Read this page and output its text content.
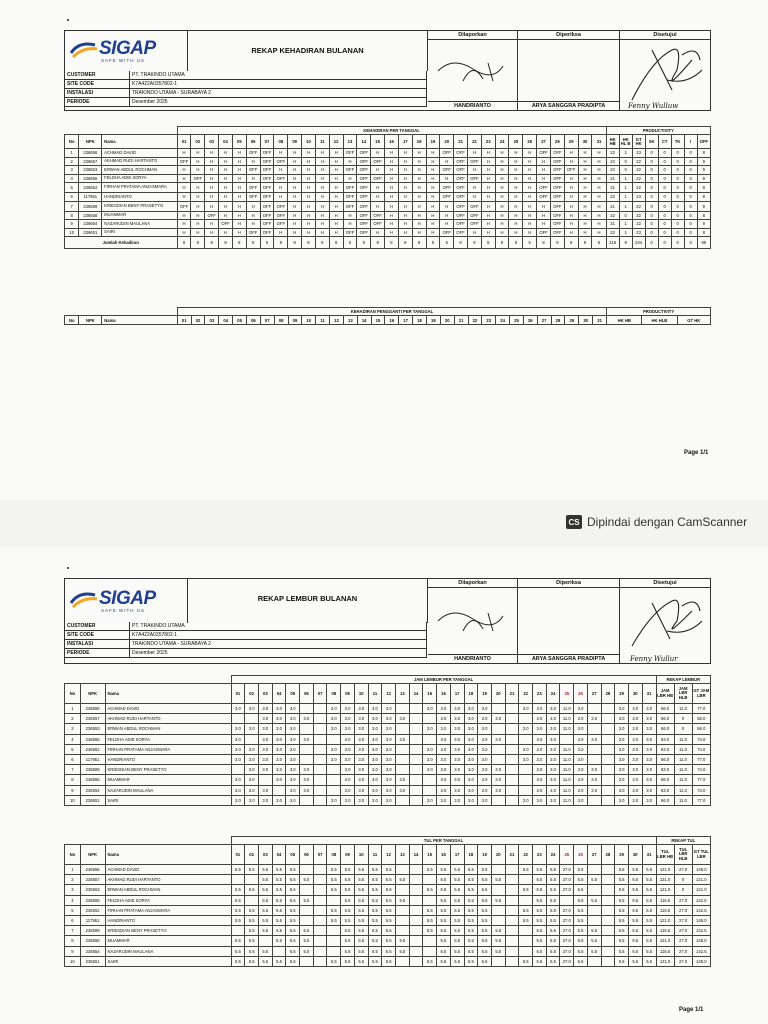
SIGAP
SAFE WITH US
REKAP KEHADIRAN BULANAN
Dilaporkan
HANDRIANTO
Diperiksa
ARYA SANGGRA PRADIPTA
Disetujui
Fenny Wulluw
CUSTOMER	PT. TRAKINDO UTAMA
SITE CODE	K7A422A0357802-1
INSTALASI	TRAKINDO UTAMA - SURABAYA 2
PERIODE	Desember 2025
			KEHADIRAN PER TANGGAL																															PRODUCTIVITY							
No	NPK	Nama	01	02	03	04	05	06	07	08	09	10	11	12	13	14	15	16	17	18	19	20	21	22	23	24	25	26	27	28	29	30	31	HK HB	HK HL B	GT HK	SK	CT	TK	I	OFF
1	236656	ACHMAD DAVID	H	H	H	H	H	OFF	OFF	H	H	H	H	H	OFF	OFF	H	H	H	H	H	OFF	OFF	H	H	H	H	H	OFF	OFF	H	H	H	22	1	23	0	0	0	0	8
2	236657	AKHMAD RUDI HARTANTO	OFF	H	H	H	H	H	OFF	OFF	H	H	H	H	H	OFF	OFF	H	H	H	H	H	OFF	OFF	H	H	H	H	H	OFF	H	H	H	22	0	22	0	0	0	0	9
3	236653	ERWAN ABDUL ROCHMAN	H	H	H	H	H	OFF	OFF	H	H	H	H	H	OFF	OFF	H	H	H	H	H	OFF	OFF	H	H	H	H	H	H	OFF	OFF	H	H	22	0	22	0	0	0	0	9
4	236655	FELDHA ADIE SORYA	H	OFF	H	H	H	H	OFF	OFF	H	H	H	H	H	OFF	OFF	H	H	H	H	H	OFF	OFF	H	H	H	H	H	OFF	H	H	H	21	1	22	0	0	0	0	9
5	236652	FIRHAN PRATAMA ANJASMARA	H	H	H	H	H	OFF	OFF	H	H	H	H	H	OFF	OFF	H	H	H	H	H	OFF	OFF	H	H	H	H	H	OFF	OFF	H	H	H	21	1	22	0	0	0	0	9
6	117951	HANDRIANTO	H	H	H	H	H	OFF	OFF	H	H	H	H	H	OFF	OFF	H	H	H	H	H	OFF	OFF	H	H	H	H	H	OFF	OFF	H	H	H	22	1	23	0	0	0	0	8
7	238589	KRIESDIAN BENY PRASETYO	OFF	H	H	H	H	H	OFF	OFF	H	H	H	H	OFF	OFF	H	H	H	H	H	H	OFF	OFF	H	H	H	H	H	OFF	H	H	H	21	1	22	0	0	0	0	9
8	236658	MUAMMAR	H	H	OFF	H	H	H	OFF	OFF	H	H	H	H	H	OFF	OFF	H	H	H	H	H	OFF	OFF	H	H	H	H	H	OFF	H	H	H	22	0	22	0	0	0	0	8
9	236654	NAZARUDIN MAULANA	H	H	H	OFF	H	H	OFF	OFF	H	H	H	H	H	OFF	OFF	H	H	H	H	H	OFF	OFF	H	H	H	H	H	OFF	H	H	H	21	1	22	0	0	0	0	9
10	236651	SAIRI	H	H	H	H	H	OFF	OFF	H	H	H	H	H	OFF	OFF	H	H	H	H	H	OFF	OFF	H	H	H	H	H	OFF	OFF	H	H	H	22	1	23	0	0	0	0	8
Jumlah Kehadiran			8	8	8	8	8	5	5	8	8	8	8	8	5	5	8	8	8	8	5	5	8	8	8	8	5	5	8	8	8	8	5	216	9	224	0	0	0	0	86
			KEHADIRAN PENGGANTI PER TANGGAL																															PRODUCTIVITY		
No	NPK	Nama	01	02	03	04	05	06	07	08	09	10	11	12	13	14	15	16	17	18	19	20	21	22	23	24	25	26	27	28	29	30	31	HK HB	HK HLB	GT HK
Page 1/1
CS Dipindai dengan CamScanner
SIGAP
SAFE WITH US
REKAP LEMBUR BULANAN
Dilaporkan
HANDRIANTO
Diperiksa
ARYA SANGGRA PRADIPTA
Disetujui
Fenny Wullur
CUSTOMER	PT. TRAKINDO UTAMA
SITE CODE	K7A422A0357802-1
INSTALASI	TRAKINDO UTAMA - SURABAYA 2
PERIODE	Desember 2025
			JAM LEMBUR PER TANGGAL																															REKAP LEMBUR		
No	NPK	Nama	01	02	03	04	05	06	07	08	09	10	11	12	13	14	15	16	17	18	19	20	21	22	23	24	25	26	27	28	29	30	31	JAM LBR HB	JAM LBR HLB	GT JAM LBR
1	236656	ACHMAD DAVID	3.0	3.0	3.0	3.0	3.0			3.0	3.0	3.0	3.0	3.0			3.0	3.0	3.0	3.0	3.0			3.0	3.0	3.0	11.0	3.0			3.0	3.0	3.0	66.0	11.0	77.0
2	236657	AKHMAD RUDI HARTANTO			3.0	3.0	3.0	3.0		3.0	3.0	3.0	3.0	3.0	3.0			3.0	3.0	3.0	3.0	3.0			3.0	3.0	11.0	3.0	3.0		3.0	3.0	3.0	66.0	0	66.0
3	236653	ERWAN ABDUL ROCHMAN	3.0	3.0	3.0	3.0	3.0			3.0	3.0	3.0	3.0	3.0			3.0	3.0	3.0	3.0	3.0			3.0	3.0	3.0	11.0	3.0			3.0	3.0	3.0	66.0	0	66.0
4	236655	FELDHA ADIE SORYA	3.0		3.0	3.0	3.0	3.0			3.0	3.0	3.0	3.0	3.0			3.0	3.0	3.0	3.0	3.0			3.0	3.0		3.0	3.0		3.0	3.0	3.0	63.0	11.0	74.0
5	236652	FIRHAN PRATAMA ANJASMARA	3.0	3.0	3.0	3.0	3.0			3.0	3.0	3.0	3.0	3.0			3.0	3.0	3.0	3.0	3.0			3.0	3.0	3.0	11.0	3.0			3.0	3.0	3.0	63.0	11.0	74.0
6	117951	HANDRIANTO	3.0	3.0	3.0	3.0	3.0			3.0	3.0	3.0	3.0	3.0			3.0	3.0	3.0	3.0	3.0			3.0	3.0	3.0	11.0	3.0			3.0	3.0	3.0	66.0	11.0	77.0
7	238589	KRIESDIAN BENY PRASETYO		3.0	3.0	3.0	3.0	3.0			3.0	3.0	3.0	3.0			3.0	3.0	3.0	3.0	3.0	3.0			3.0	3.0	11.0	3.0	3.0		3.0	3.0	3.0	63.0	11.0	74.0
8	236658	MUAMMAR	3.0	3.0		3.0	3.0	3.0			3.0	3.0	3.0	3.0	3.0			3.0	3.0	3.0	3.0	3.0			3.0	3.0	11.0	3.0	3.0		3.0	3.0	3.0	66.0	11.0	77.0
9	236654	NAZARUDIN MAULANA	3.0	3.0	3.0		3.0	3.0			3.0	3.0	3.0	3.0	3.0			3.0	3.0	3.0	3.0	3.0			3.0	3.0	11.0	3.0	3.0		3.0	3.0	3.0	63.0	11.0	74.0
10	236651	SAIRI	3.0	3.0	3.0	3.0	3.0			3.0	3.0	3.0	3.0	3.0			3.0	3.0	3.0	3.0	3.0			3.0	3.0	3.0	11.0	3.0			3.0	3.0	3.0	66.0	11.0	77.0
			TUL PER TANGGAL																															REKAP TUL		
No	NPK	Nama	01	02	03	04	05	06	07	08	09	10	11	12	13	14	15	16	17	18	19	20	21	22	23	24	25	26	27	28	29	30	31	TUL LBR HB	TUL LBR HLB	GT TUL LBR
1	236656	ACHMAD DAVID	5.5	5.5	5.5	5.5	5.5			5.5	5.5	5.5	5.5	5.5			5.5	5.5	5.5	5.5	5.5			5.5	5.5	5.5	27.0	5.5			5.5	5.5	5.5	121.0	27.0	148.0
2	236657	AKHMAD RUDI HARTANTO			5.5	5.5	5.5	5.5		5.5	5.5	5.5	5.5	5.5	5.5			5.5	5.5	5.5	5.5	5.5			5.5	5.5	27.0	5.5	5.5		5.5	5.5	5.5	121.0	0	121.0
3	236653	ERWAN ABDUL ROCHMAN	5.5	5.5	5.5	5.5	5.5			5.5	5.5	5.5	5.5	5.5			5.5	5.5	5.5	5.5	5.5			5.5	5.5	5.5	27.0	5.5			5.5	5.5	5.5	121.0	0	121.0
4	236655	FELDHA ADIE SORYA	5.5		5.5	5.5	5.5	5.5			5.5	5.5	5.5	5.5	5.5			5.5	5.5	5.5	5.5	5.5			5.5	5.5		5.5	5.5		5.5	5.5	5.5	115.5	27.0	142.5
5	236652	FIRHAN PRATAMA ANJASMARA	5.5	5.5	5.5	5.5	5.5			5.5	5.5	5.5	5.5	5.5			5.5	5.5	5.5	5.5	5.5			5.5	5.5	5.5	27.0	5.5			5.5	5.5	5.5	115.5	27.0	142.5
6	117951	HANDRIANTO	5.5	5.5	5.5	5.5	5.5			5.5	5.5	5.5	5.5	5.5			5.5	5.5	5.5	5.5	5.5			5.5	5.5	5.5	27.0	5.5			5.5	5.5	5.5	121.0	27.0	148.0
7	238589	KRIESDIAN BENY PRASETYO		5.5	5.5	5.5	5.5	5.5			5.5	5.5	5.5	5.5			5.5	5.5	5.5	5.5	5.5	5.5			5.5	5.5	27.0	5.5	5.5		5.5	5.5	5.5	115.5	27.0	142.5
8	236658	MUAMMAR	5.5	5.5		5.5	5.5	5.5			5.5	5.5	5.5	5.5	5.5			5.5	5.5	5.5	5.5	5.5			5.5	5.5	27.0	5.5	5.5		5.5	5.5	5.5	121.0	27.0	148.0
9	236654	NAZARUDIN MAULANA	5.5	5.5	5.5		5.5	5.5			5.5	5.5	5.5	5.5	5.5			5.5	5.5	5.5	5.5	5.5			5.5	5.5	27.0	5.5	5.5		5.5	5.5	5.5	115.5	27.0	142.5
10	236651	SAIRI	5.5	5.5	5.5	5.5	5.5			5.5	5.5	5.5	5.5	5.5			5.5	5.5	5.5	5.5	5.5			5.5	5.5	5.5	27.0	5.5			5.5	5.5	5.5	121.0	27.0	148.0
Page 1/1
